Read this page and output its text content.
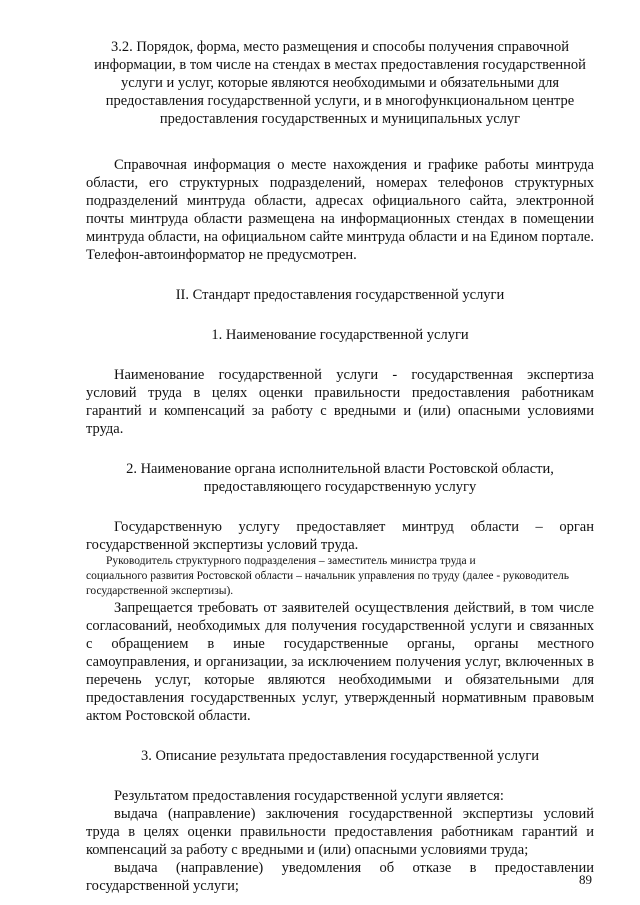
3.2. Порядок, форма, место размещения и способы получения справочной информации, в том числе на стендах в местах предоставления государственной услуги и услуг, которые являются необходимыми и обязательными для предоставления государственной услуги, и в многофункциональном центре предоставления государственных и муниципальных услуг

Справочная информация о месте нахождения и графике работы минтруда области, его структурных подразделений, номерах телефонов структурных подразделений минтруда области, адресах официального сайта, электронной почты минтруда области размещена на информационных стендах в помещении минтруда области, на официальном сайте минтруда области и на Едином портале. Телефон-автоинформатор не предусмотрен.

II. Стандарт предоставления государственной услуги

1. Наименование государственной услуги

Наименование государственной услуги - государственная экспертиза условий труда в целях оценки правильности предоставления работникам гарантий и компенсаций за работу с вредными и (или) опасными условиями труда.

2. Наименование органа исполнительной власти Ростовской области, предоставляющего государственную услугу

Государственную услугу предоставляет минтруд области – орган государственной экспертизы условий труда.

Руководитель структурного подразделения – заместитель министра труда и

социального развития Ростовской области – начальник управления по труду (далее - руководитель государственной экспертизы).

Запрещается требовать от заявителей осуществления действий, в том числе согласований, необходимых для получения государственной услуги и связанных с обращением в иные государственные органы, органы местного самоуправления, и организации, за исключением получения услуг, включенных в перечень услуг, которые являются необходимыми и обязательными для предоставления государственных услуг, утвержденный нормативным правовым актом Ростовской области.

3. Описание результата предоставления государственной услуги

Результатом предоставления государственной услуги является:

выдача (направление) заключения государственной экспертизы условий труда в целях оценки правильности предоставления работникам гарантий и компенсаций за работу с вредными и (или) опасными условиями труда;

выдача (направление) уведомления об отказе в предоставлении государственной услуги;	89
